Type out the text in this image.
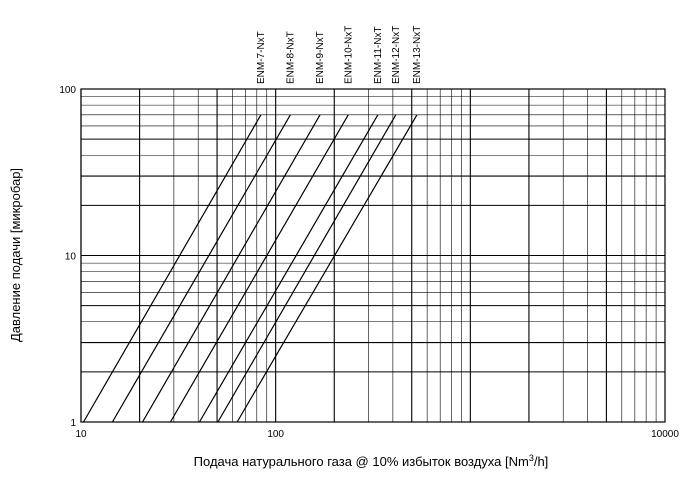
ENM-7-NxT ENM-8-NxT ENM-9-NxT ENM-10-NxT ENM-11-NxT ENM-12-NxT ENM-13-NxT
10	100	10000
1
10
100
Подача натурального газа @ 10% избыток воздуха [Nm$^3$/h]
Давление подачи [микробар]
